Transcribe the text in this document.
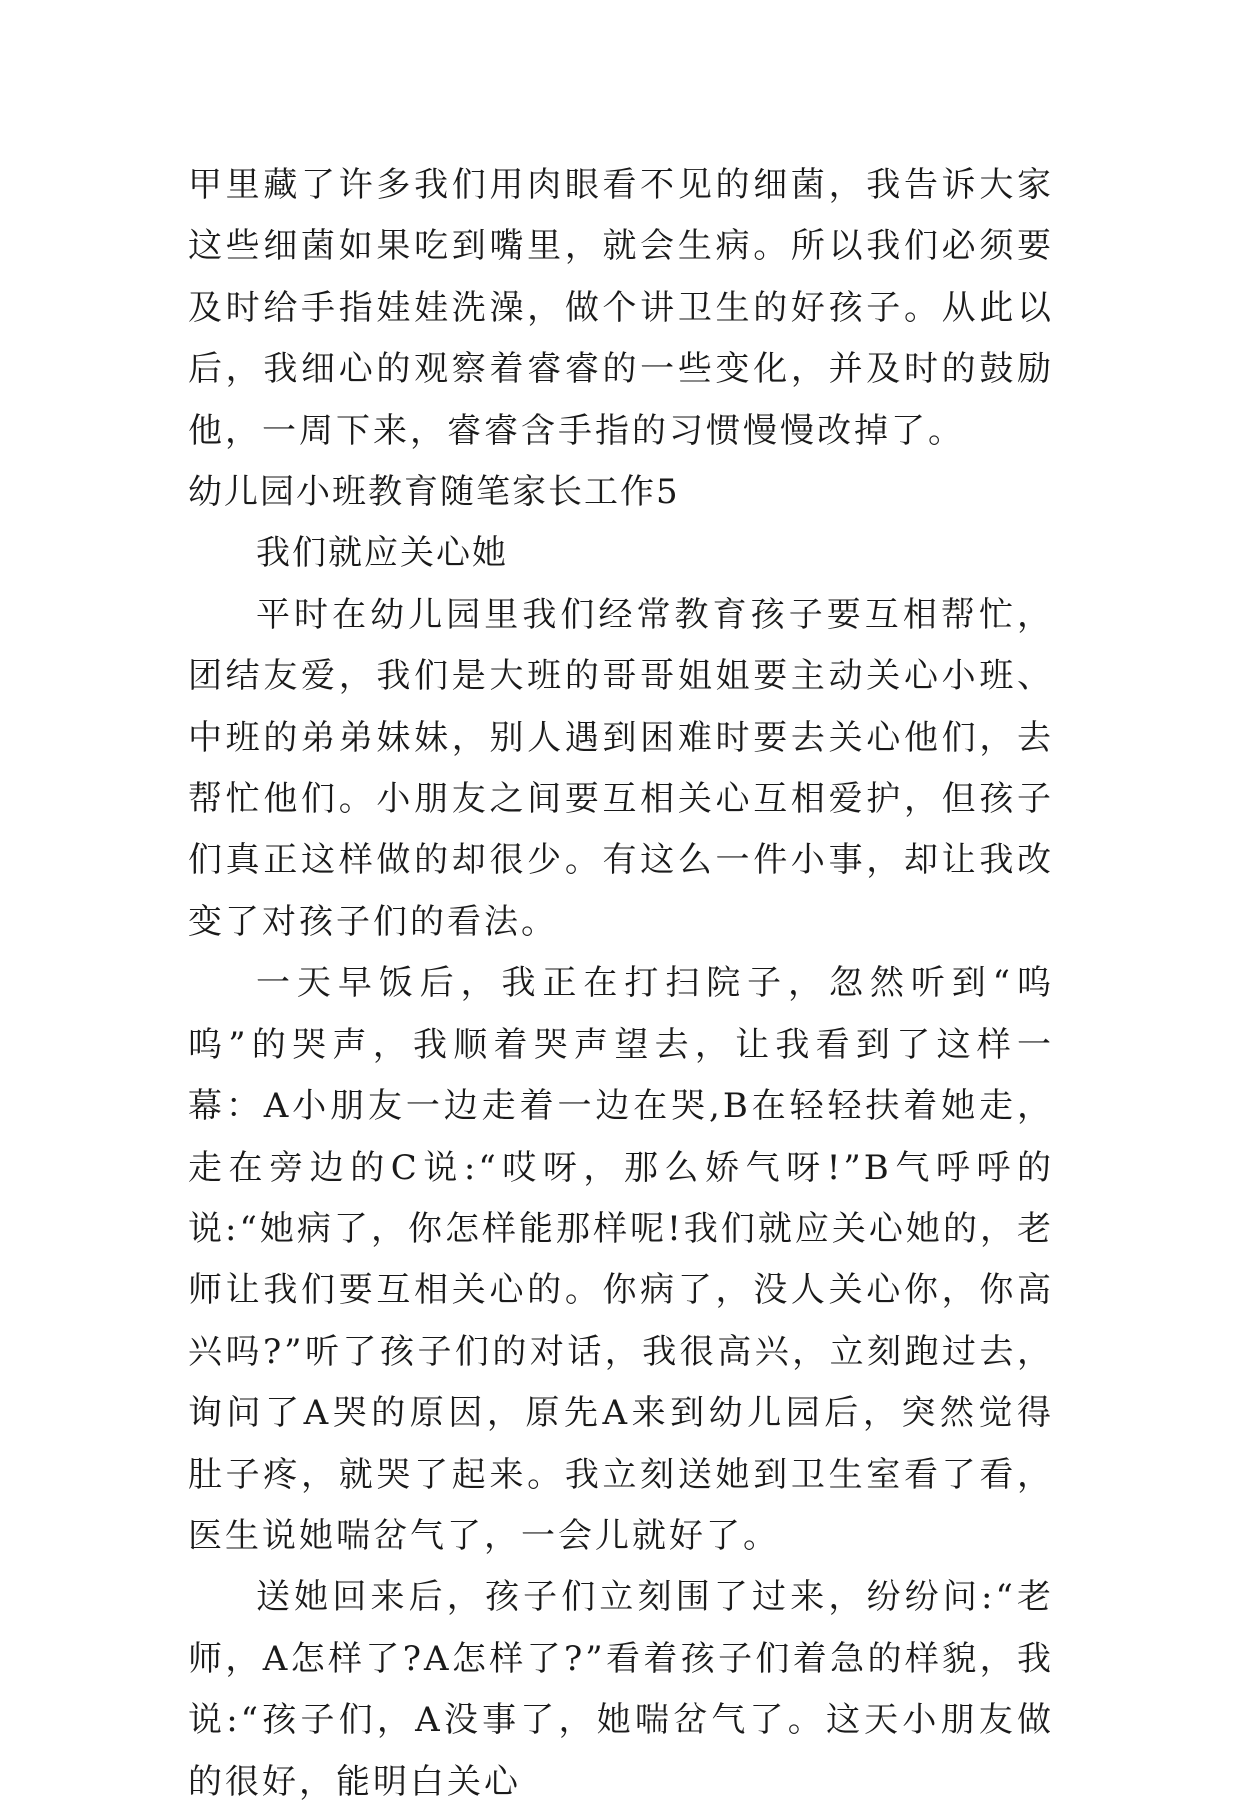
甲里藏了许多我们用肉眼看不见的细菌，我告诉大家这些细菌如果吃到嘴里，就会生病。所以我们必须要及时给手指娃娃洗澡，做个讲卫生的好孩子。从此以后，我细心的观察着睿睿的一些变化，并及时的鼓励他，一周下来，睿睿含手指的习惯慢慢改掉了。

幼儿园小班教育随笔家长工作5

我们就应关心她

平时在幼儿园里我们经常教育孩子要互相帮忙，团结友爱，我们是大班的哥哥姐姐要主动关心小班、中班的弟弟妹妹，别人遇到困难时要去关心他们，去帮忙他们。小朋友之间要互相关心互相爱护，但孩子们真正这样做的却很少。有这么一件小事，却让我改变了对孩子们的看法。

一天早饭后，我正在打扫院子，忽然听到“呜呜”的哭声，我顺着哭声望去，让我看到了这样一幕：A小朋友一边走着一边在哭,B在轻轻扶着她走，走在旁边的C说:“哎呀，那么娇气呀!”B气呼呼的说:“她病了，你怎样能那样呢!我们就应关心她的，老师让我们要互相关心的。你病了，没人关心你，你高兴吗?”听了孩子们的对话，我很高兴，立刻跑过去，询问了A哭的原因，原先A来到幼儿园后，突然觉得肚子疼，就哭了起来。我立刻送她到卫生室看了看，医生说她喘岔气了，一会儿就好了。

送她回来后，孩子们立刻围了过来，纷纷问:“老师，A怎样了?A怎样了?”看着孩子们着急的样貌，我说:“孩子们，A没事了，她喘岔气了。这天小朋友做的很好，能明白关心
